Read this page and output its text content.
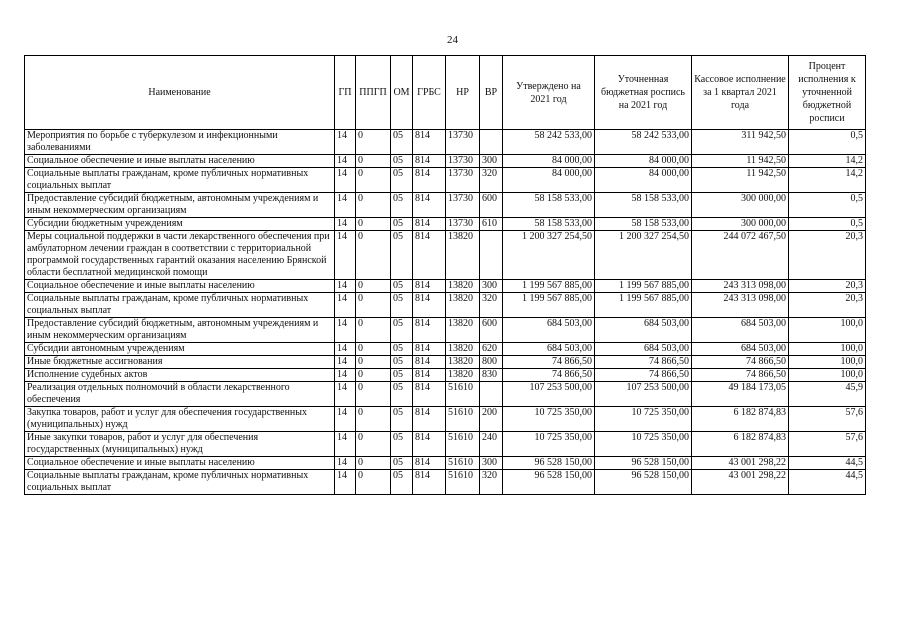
24
Наименование	ГП	ППГП	ОМ	ГРБС	НР	ВР	Утверждено на 2021 год	Уточненная бюджетная роспись на 2021 год	Кассовое исполнение за 1 квартал 2021 года	Процент исполнения к уточненной бюджетной росписи
Мероприятия по борьбе с туберкулезом и инфекционными заболеваниями	14	0	05	814	13730		58 242 533,00	58 242 533,00	311 942,50	0,5
Социальное обеспечение и иные выплаты населению	14	0	05	814	13730	300	84 000,00	84 000,00	11 942,50	14,2
Социальные выплаты гражданам, кроме публичных нормативных социальных выплат	14	0	05	814	13730	320	84 000,00	84 000,00	11 942,50	14,2
Предоставление субсидий бюджетным, автономным учреждениям и иным некоммерческим организациям	14	0	05	814	13730	600	58 158 533,00	58 158 533,00	300 000,00	0,5
Субсидии бюджетным учреждениям	14	0	05	814	13730	610	58 158 533,00	58 158 533,00	300 000,00	0,5
Меры социальной поддержки в части лекарственного обеспечения при амбулаторном лечении граждан в соответствии с территориальной программой государственных гарантий оказания населению Брянской области бесплатной медицинской помощи	14	0	05	814	13820		1 200 327 254,50	1 200 327 254,50	244 072 467,50	20,3
Социальное обеспечение и иные выплаты населению	14	0	05	814	13820	300	1 199 567 885,00	1 199 567 885,00	243 313 098,00	20,3
Социальные выплаты гражданам, кроме публичных нормативных социальных выплат	14	0	05	814	13820	320	1 199 567 885,00	1 199 567 885,00	243 313 098,00	20,3
Предоставление субсидий бюджетным, автономным учреждениям и иным некоммерческим организациям	14	0	05	814	13820	600	684 503,00	684 503,00	684 503,00	100,0
Субсидии автономным учреждениям	14	0	05	814	13820	620	684 503,00	684 503,00	684 503,00	100,0
Иные бюджетные ассигнования	14	0	05	814	13820	800	74 866,50	74 866,50	74 866,50	100,0
Исполнение судебных актов	14	0	05	814	13820	830	74 866,50	74 866,50	74 866,50	100,0
Реализация отдельных полномочий в области лекарственного обеспечения	14	0	05	814	51610		107 253 500,00	107 253 500,00	49 184 173,05	45,9
Закупка товаров, работ и услуг для обеспечения государственных (муниципальных) нужд	14	0	05	814	51610	200	10 725 350,00	10 725 350,00	6 182 874,83	57,6
Иные закупки товаров, работ и услуг для обеспечения государственных (муниципальных) нужд	14	0	05	814	51610	240	10 725 350,00	10 725 350,00	6 182 874,83	57,6
Социальное обеспечение и иные выплаты населению	14	0	05	814	51610	300	96 528 150,00	96 528 150,00	43 001 298,22	44,5
Социальные выплаты гражданам, кроме публичных нормативных социальных выплат	14	0	05	814	51610	320	96 528 150,00	96 528 150,00	43 001 298,22	44,5
